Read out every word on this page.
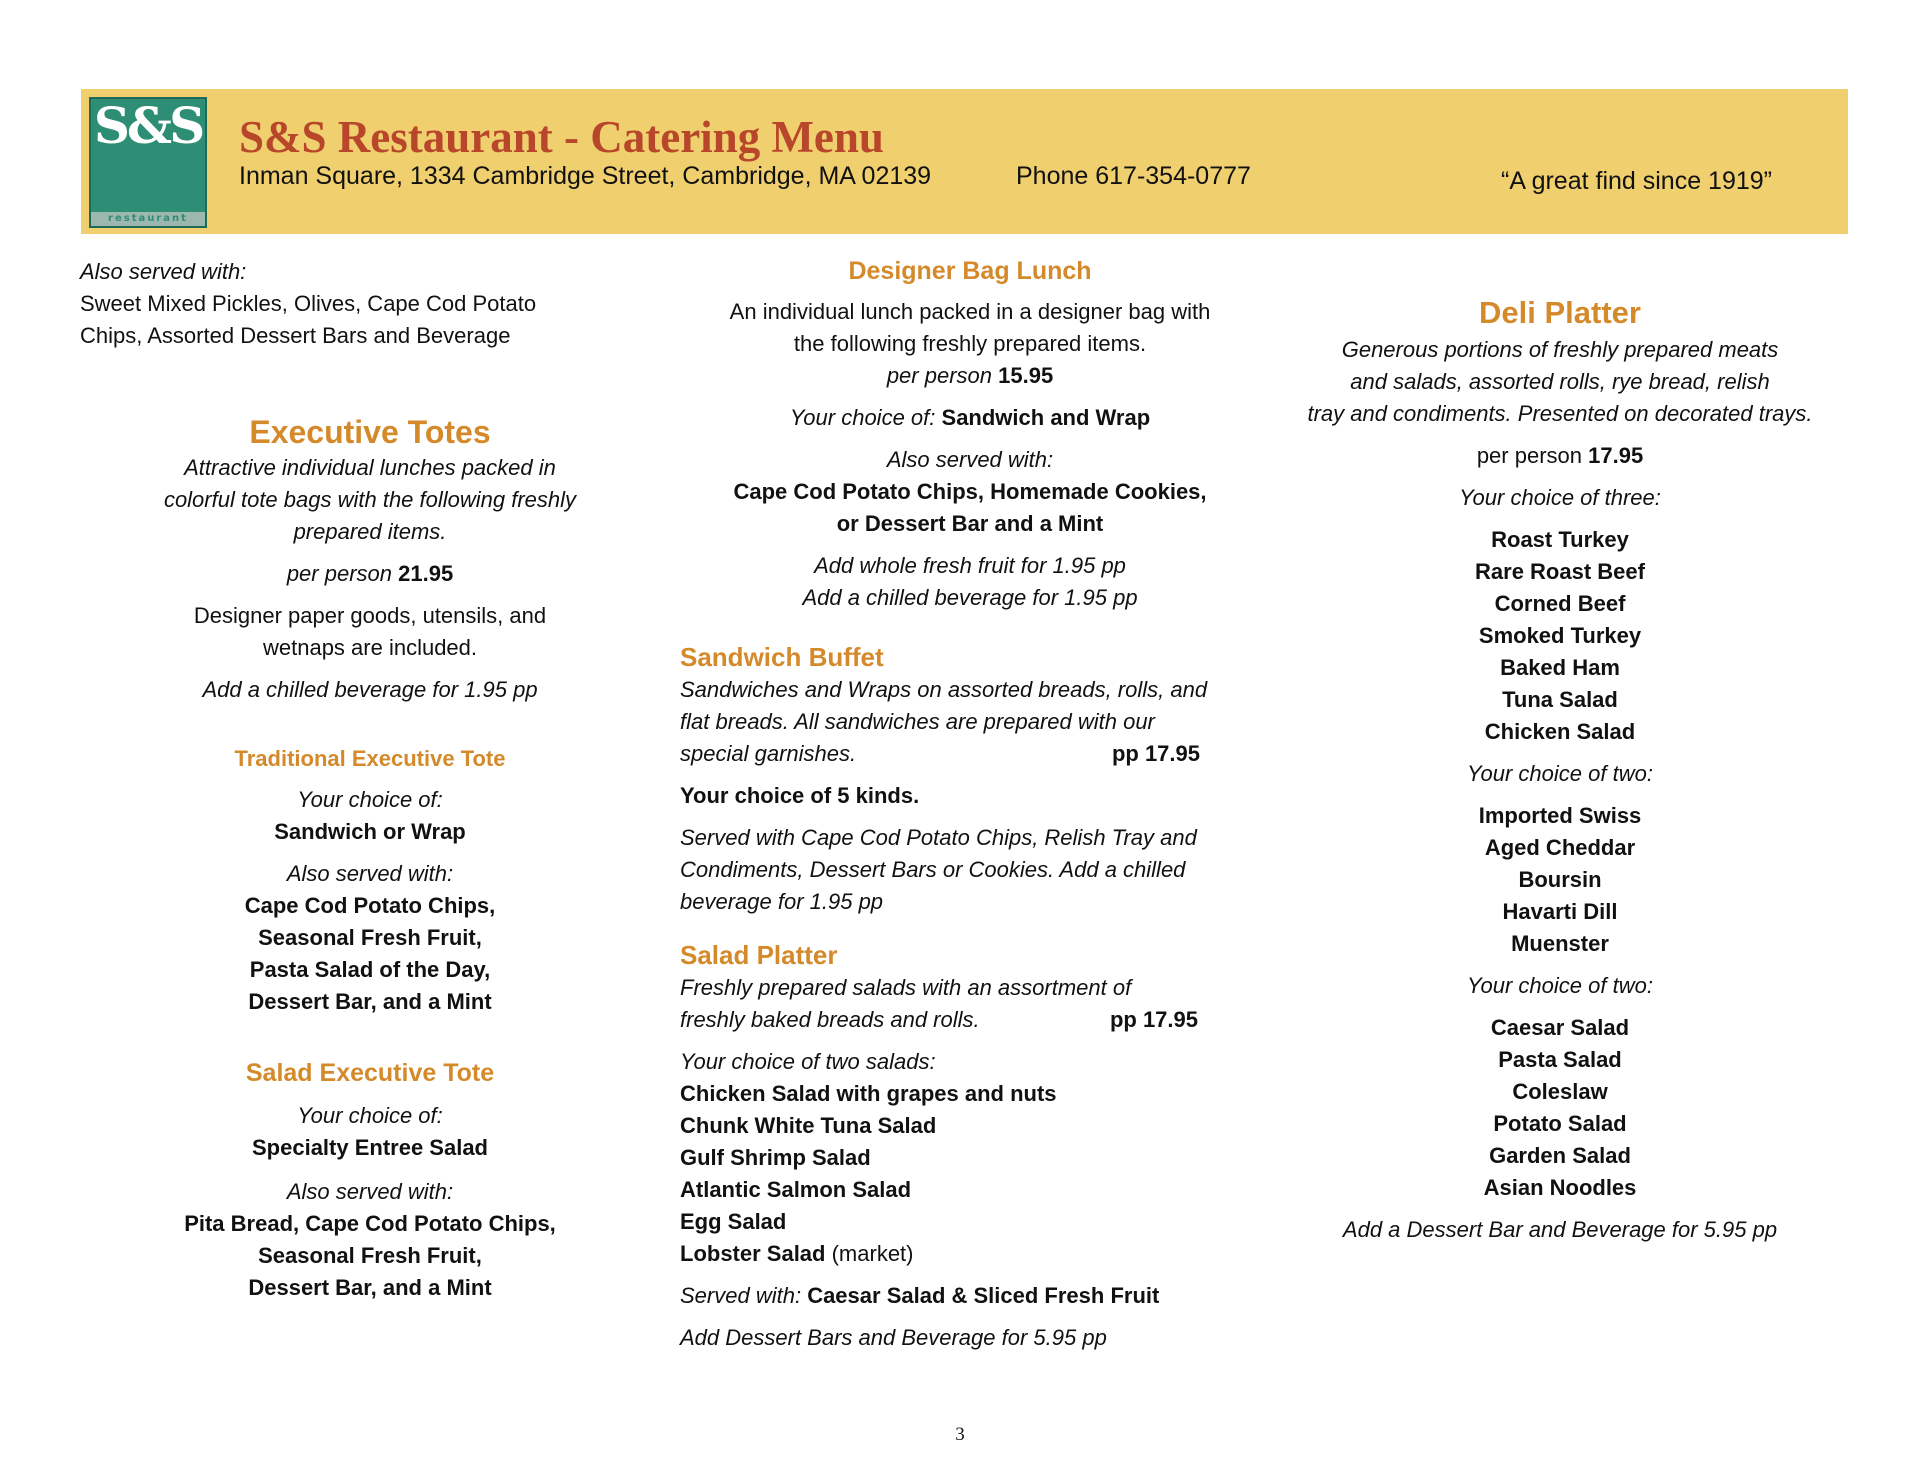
S&S
restaurant
S&S Restaurant - Catering Menu
Inman Square, 1334 Cambridge Street, Cambridge, MA 02139	Phone 617-354-0777	“A great find since 1919”

Also served with:

Sweet Mixed Pickles, Olives, Cape Cod Potato

Chips, Assorted Dessert Bars and Beverage

Executive Totes
Attractive individual lunches packed in
colorful tote bags with the following freshly
prepared items.
per person 21.95
Designer paper goods, utensils, and
wetnaps are included.
Add a chilled beverage for 1.95 pp
Traditional Executive Tote
Your choice of:
Sandwich or Wrap
Also served with:
Cape Cod Potato Chips,
Seasonal Fresh Fruit,
Pasta Salad of the Day,
Dessert Bar, and a Mint
Salad Executive Tote
Your choice of:
Specialty Entree Salad
Also served with:
Pita Bread, Cape Cod Potato Chips,
Seasonal Fresh Fruit,
Dessert Bar, and a Mint
Designer Bag Lunch
An individual lunch packed in a designer bag with
the following freshly prepared items.
per person 15.95
Your choice of: Sandwich and Wrap
Also served with:
Cape Cod Potato Chips, Homemade Cookies,
or Dessert Bar and a Mint
Add whole fresh fruit for 1.95 pp
Add a chilled beverage for 1.95 pp
Sandwich Buffet
Sandwiches and Wraps on assorted breads, rolls, and
flat breads. All sandwiches are prepared with our
special garnishes.	pp 17.95
Your choice of 5 kinds.
Served with Cape Cod Potato Chips, Relish Tray and
Condiments, Dessert Bars or Cookies. Add a chilled
beverage for 1.95 pp
Salad Platter
Freshly prepared salads with an assortment of
freshly baked breads and rolls.	pp 17.95
Your choice of two salads:
Chicken Salad with grapes and nuts
Chunk White Tuna Salad
Gulf Shrimp Salad
Atlantic Salmon Salad
Egg Salad
Lobster Salad (market)
Served with: Caesar Salad & Sliced Fresh Fruit
Add Dessert Bars and Beverage for 5.95 pp
Deli Platter
Generous portions of freshly prepared meats
and salads, assorted rolls, rye bread, relish
tray and condiments. Presented on decorated trays.
per person 17.95
Your choice of three:
Roast Turkey
Rare Roast Beef
Corned Beef
Smoked Turkey
Baked Ham
Tuna Salad
Chicken Salad
Your choice of two:
Imported Swiss
Aged Cheddar
Boursin
Havarti Dill
Muenster
Your choice of two:
Caesar Salad
Pasta Salad
Coleslaw
Potato Salad
Garden Salad
Asian Noodles
Add a Dessert Bar and Beverage for 5.95 pp
3
